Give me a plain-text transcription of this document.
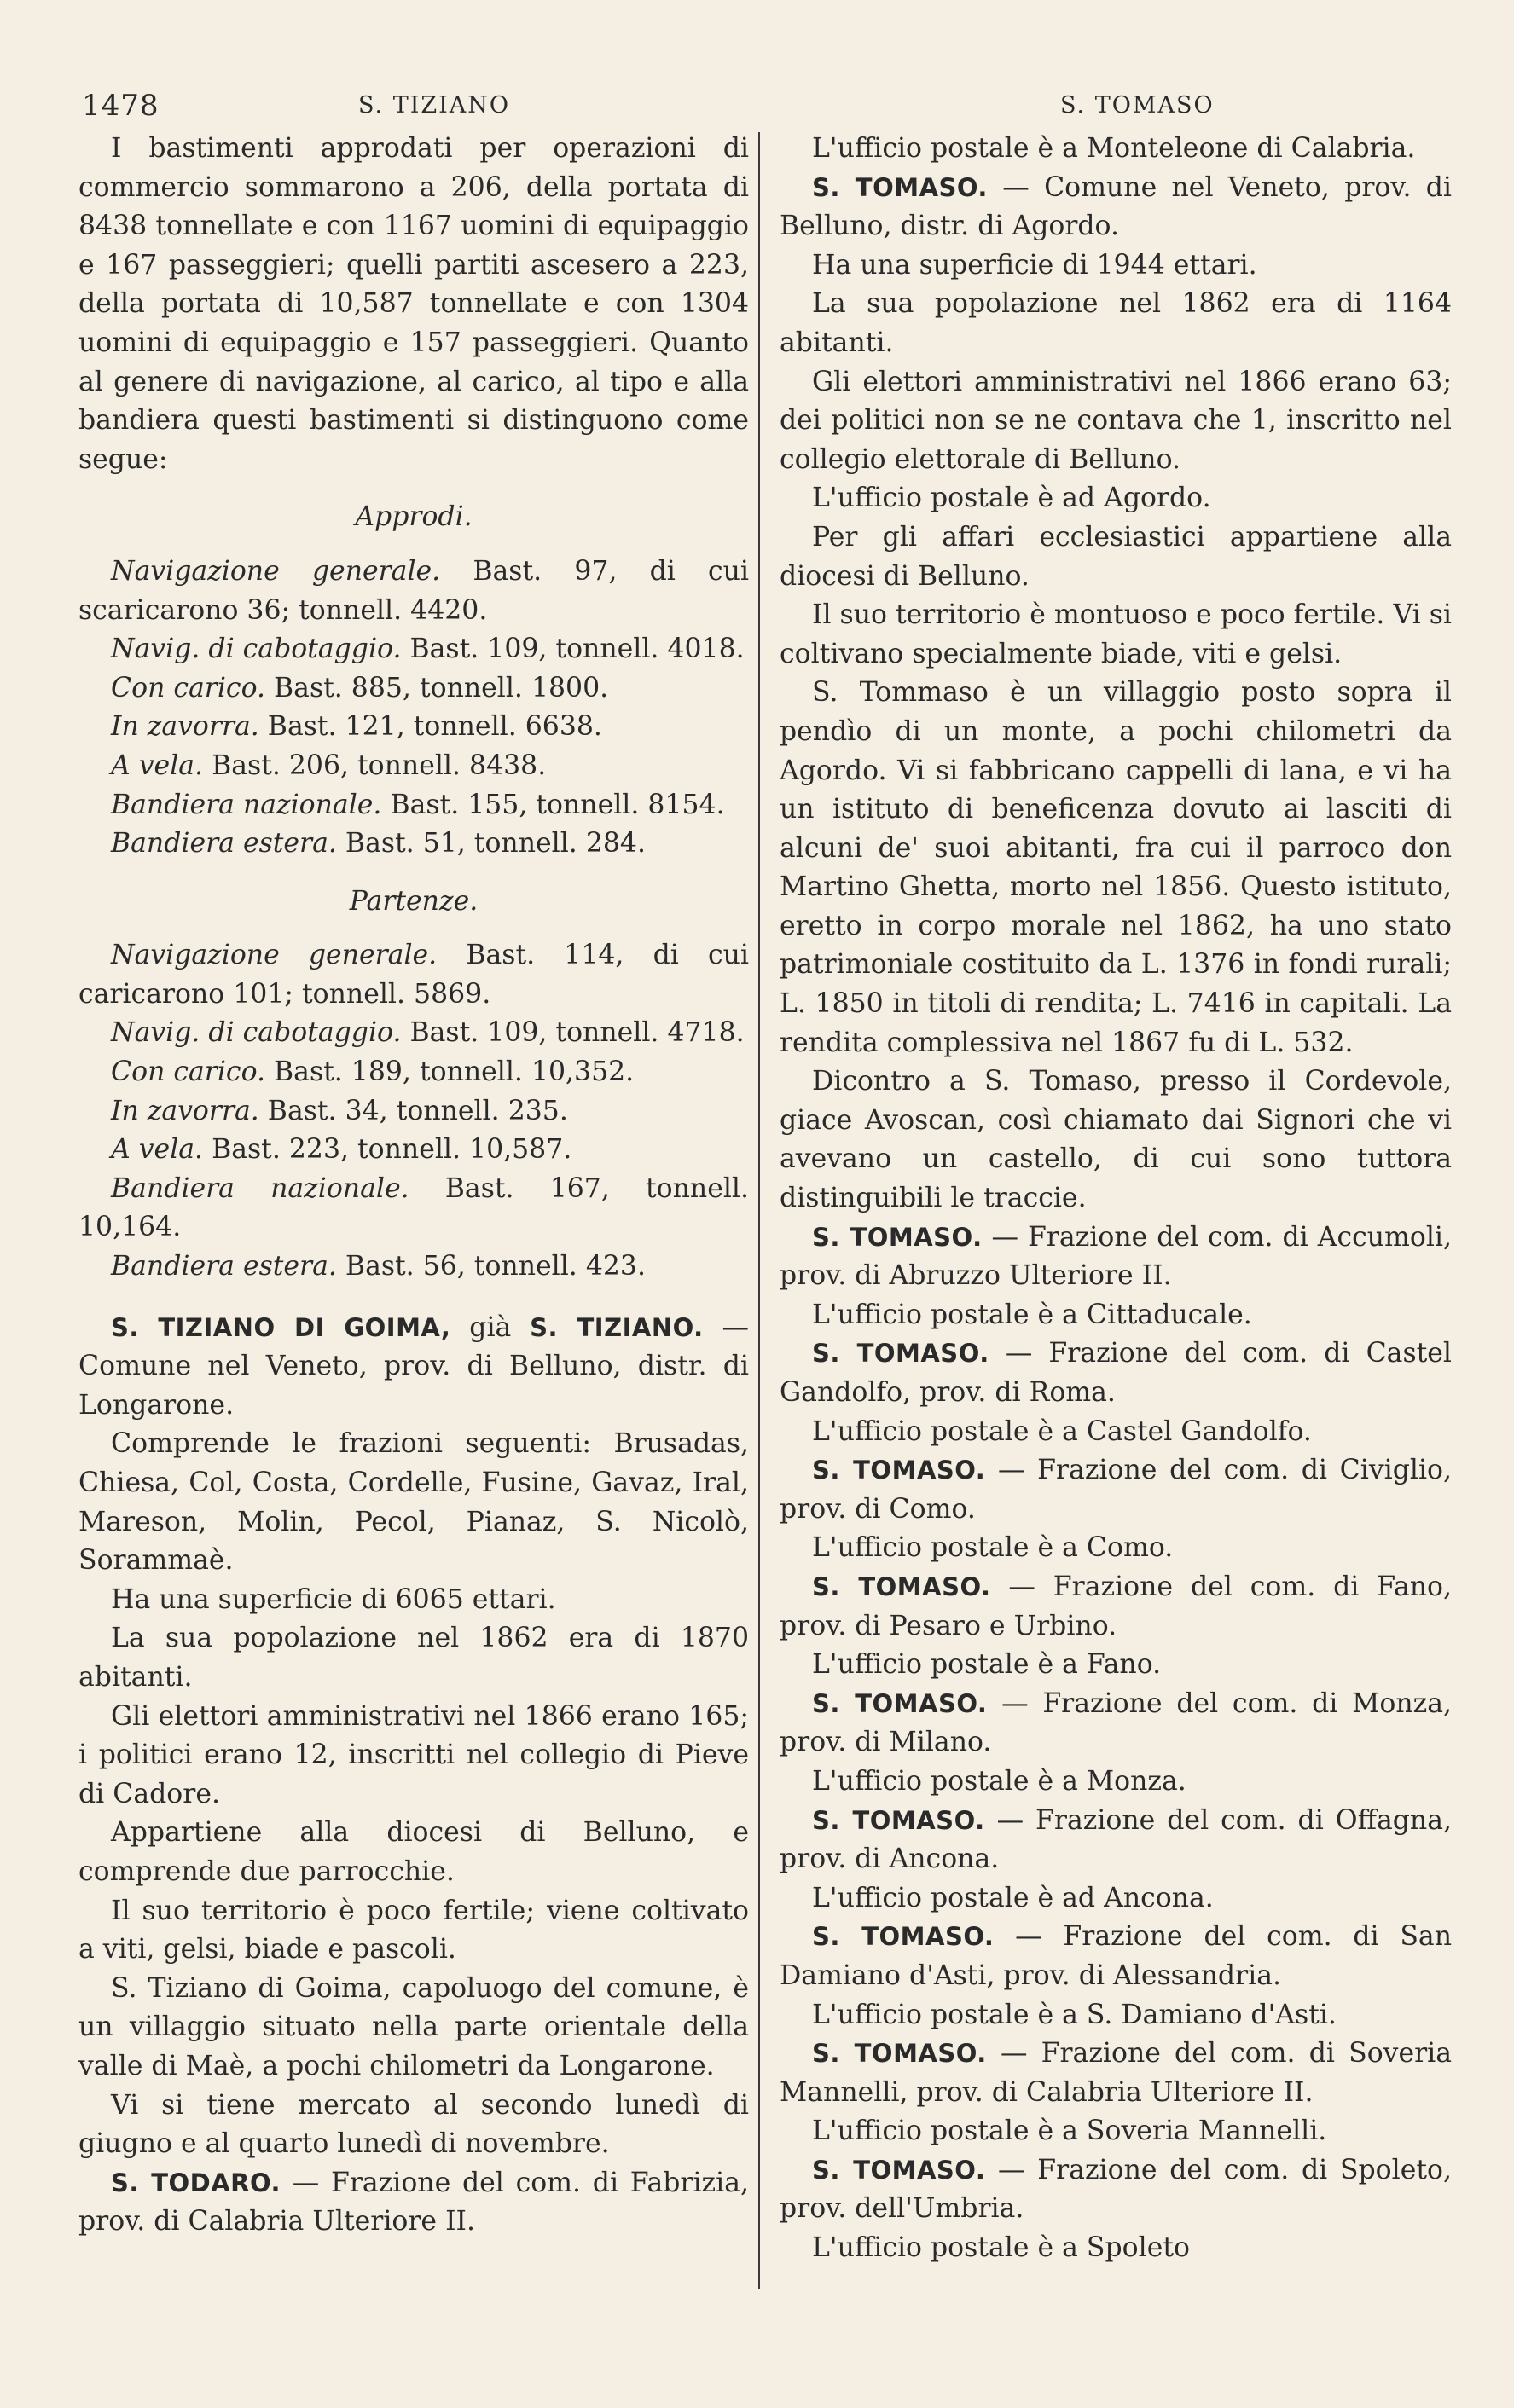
1478	S. TIZIANO	S. TOMASO

I bastimenti approdati per operazioni di commercio sommarono a 206, della portata di 8438 tonnellate e con 1167 uomini di equipaggio e 167 passeggieri; quelli partiti ascesero a 223, della portata di 10,587 tonnellate e con 1304 uomini di equipaggio e 157 passeggieri. Quanto al genere di navigazione, al carico, al tipo e alla bandiera questi bastimenti si distinguono come segue:

Approdi.

Navigazione generale. Bast. 97, di cui scaricarono 36; tonnell. 4420.

Navig. di cabotaggio. Bast. 109, tonnell. 4018.

Con carico. Bast. 885, tonnell. 1800.

In zavorra. Bast. 121, tonnell. 6638.

A vela. Bast. 206, tonnell. 8438.

Bandiera nazionale. Bast. 155, tonnell. 8154.

Bandiera estera. Bast. 51, tonnell. 284.

Partenze.

Navigazione generale. Bast. 114, di cui caricarono 101; tonnell. 5869.

Navig. di cabotaggio. Bast. 109, tonnell. 4718.

Con carico. Bast. 189, tonnell. 10,352.

In zavorra. Bast. 34, tonnell. 235.

A vela. Bast. 223, tonnell. 10,587.

Bandiera nazionale. Bast. 167, tonnell. 10,164.

Bandiera estera. Bast. 56, tonnell. 423.

S. TIZIANO DI GOIMA, già S. TIZIANO. — Comune nel Veneto, prov. di Belluno, distr. di Longarone.

Comprende le frazioni seguenti: Brusadas, Chiesa, Col, Costa, Cordelle, Fusine, Gavaz, Iral, Mareson, Molin, Pecol, Pianaz, S. Nicolò, Sorammaè.

Ha una superficie di 6065 ettari.

La sua popolazione nel 1862 era di 1870 abitanti.

Gli elettori amministrativi nel 1866 erano 165; i politici erano 12, inscritti nel collegio di Pieve di Cadore.

Appartiene alla diocesi di Belluno, e comprende due parrocchie.

Il suo territorio è poco fertile; viene coltivato a viti, gelsi, biade e pascoli.

S. Tiziano di Goima, capoluogo del comune, è un villaggio situato nella parte orientale della valle di Maè, a pochi chilometri da Longarone.

Vi si tiene mercato al secondo lunedì di giugno e al quarto lunedì di novembre.

S. TODARO. — Frazione del com. di Fabrizia, prov. di Calabria Ulteriore II.

L'ufficio postale è a Monteleone di Calabria.

S. TOMASO. — Comune nel Veneto, prov. di Belluno, distr. di Agordo.

Ha una superficie di 1944 ettari.

La sua popolazione nel 1862 era di 1164 abitanti.

Gli elettori amministrativi nel 1866 erano 63; dei politici non se ne contava che 1, inscritto nel collegio elettorale di Belluno.

L'ufficio postale è ad Agordo.

Per gli affari ecclesiastici appartiene alla diocesi di Belluno.

Il suo territorio è montuoso e poco fertile. Vi si coltivano specialmente biade, viti e gelsi.

S. Tommaso è un villaggio posto sopra il pendìo di un monte, a pochi chilometri da Agordo. Vi si fabbricano cappelli di lana, e vi ha un istituto di beneficenza dovuto ai lasciti di alcuni de' suoi abitanti, fra cui il parroco don Martino Ghetta, morto nel 1856. Questo istituto, eretto in corpo morale nel 1862, ha uno stato patrimoniale costituito da L. 1376 in fondi rurali; L. 1850 in titoli di rendita; L. 7416 in capitali. La rendita complessiva nel 1867 fu di L. 532.

Dicontro a S. Tomaso, presso il Cordevole, giace Avoscan, così chiamato dai Signori che vi avevano un castello, di cui sono tuttora distinguibili le traccie.

S. TOMASO. — Frazione del com. di Accumoli, prov. di Abruzzo Ulteriore II.

L'ufficio postale è a Cittaducale.

S. TOMASO. — Frazione del com. di Castel Gandolfo, prov. di Roma.

L'ufficio postale è a Castel Gandolfo.

S. TOMASO. — Frazione del com. di Civiglio, prov. di Como.

L'ufficio postale è a Como.

S. TOMASO. — Frazione del com. di Fano, prov. di Pesaro e Urbino.

L'ufficio postale è a Fano.

S. TOMASO. — Frazione del com. di Monza, prov. di Milano.

L'ufficio postale è a Monza.

S. TOMASO. — Frazione del com. di Offagna, prov. di Ancona.

L'ufficio postale è ad Ancona.

S. TOMASO. — Frazione del com. di San Damiano d'Asti, prov. di Alessandria.

L'ufficio postale è a S. Damiano d'Asti.

S. TOMASO. — Frazione del com. di Soveria Mannelli, prov. di Calabria Ulteriore II.

L'ufficio postale è a Soveria Mannelli.

S. TOMASO. — Frazione del com. di Spoleto, prov. dell'Umbria.

L'ufficio postale è a Spoleto
